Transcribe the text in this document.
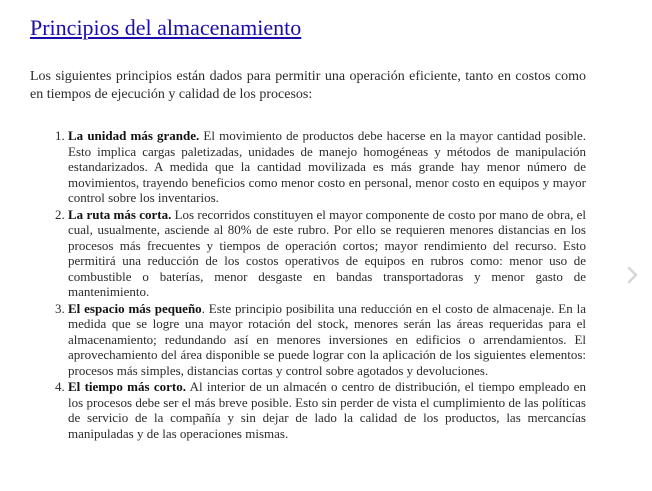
Principios del almacenamiento

Los siguientes principios están dados para permitir una operación eficiente, tanto en costos como en tiempos de ejecución y calidad de los procesos:

1. La unidad más grande. El movimiento de productos debe hacerse en la mayor cantidad posible. Esto implica cargas paletizadas, unidades de manejo homogéneas y métodos de manipulación estandarizados. A medida que la cantidad movilizada es más grande hay menor número de movimientos, trayendo beneficios como menor costo en personal, menor costo en equipos y mayor control sobre los inventarios.
2. La ruta más corta. Los recorridos constituyen el mayor componente de costo por mano de obra, el cual, usualmente, asciende al 80% de este rubro. Por ello se requieren menores distancias en los procesos más frecuentes y tiempos de operación cortos; mayor rendimiento del recurso. Esto permitirá una reducción de los costos operativos de equipos en rubros como: menor uso de combustible o baterías, menor desgaste en bandas transportadoras y menor gasto de mantenimiento.
3. El espacio más pequeño. Este principio posibilita una reducción en el costo de almacenaje. En la medida que se logre una mayor rotación del stock, menores serán las áreas requeridas para el almacenamiento; redundando así en menores inversiones en edificios o arrendamientos. El aprovechamiento del área disponible se puede lograr con la aplicación de los siguientes elementos: procesos más simples, distancias cortas y control sobre agotados y devoluciones.
4. El tiempo más corto. Al interior de un almacén o centro de distribución, el tiempo empleado en los procesos debe ser el más breve posible. Esto sin perder de vista el cumplimiento de las políticas de servicio de la compañía y sin dejar de lado la calidad de los productos, las mercancías manipuladas y de las operaciones mismas.
